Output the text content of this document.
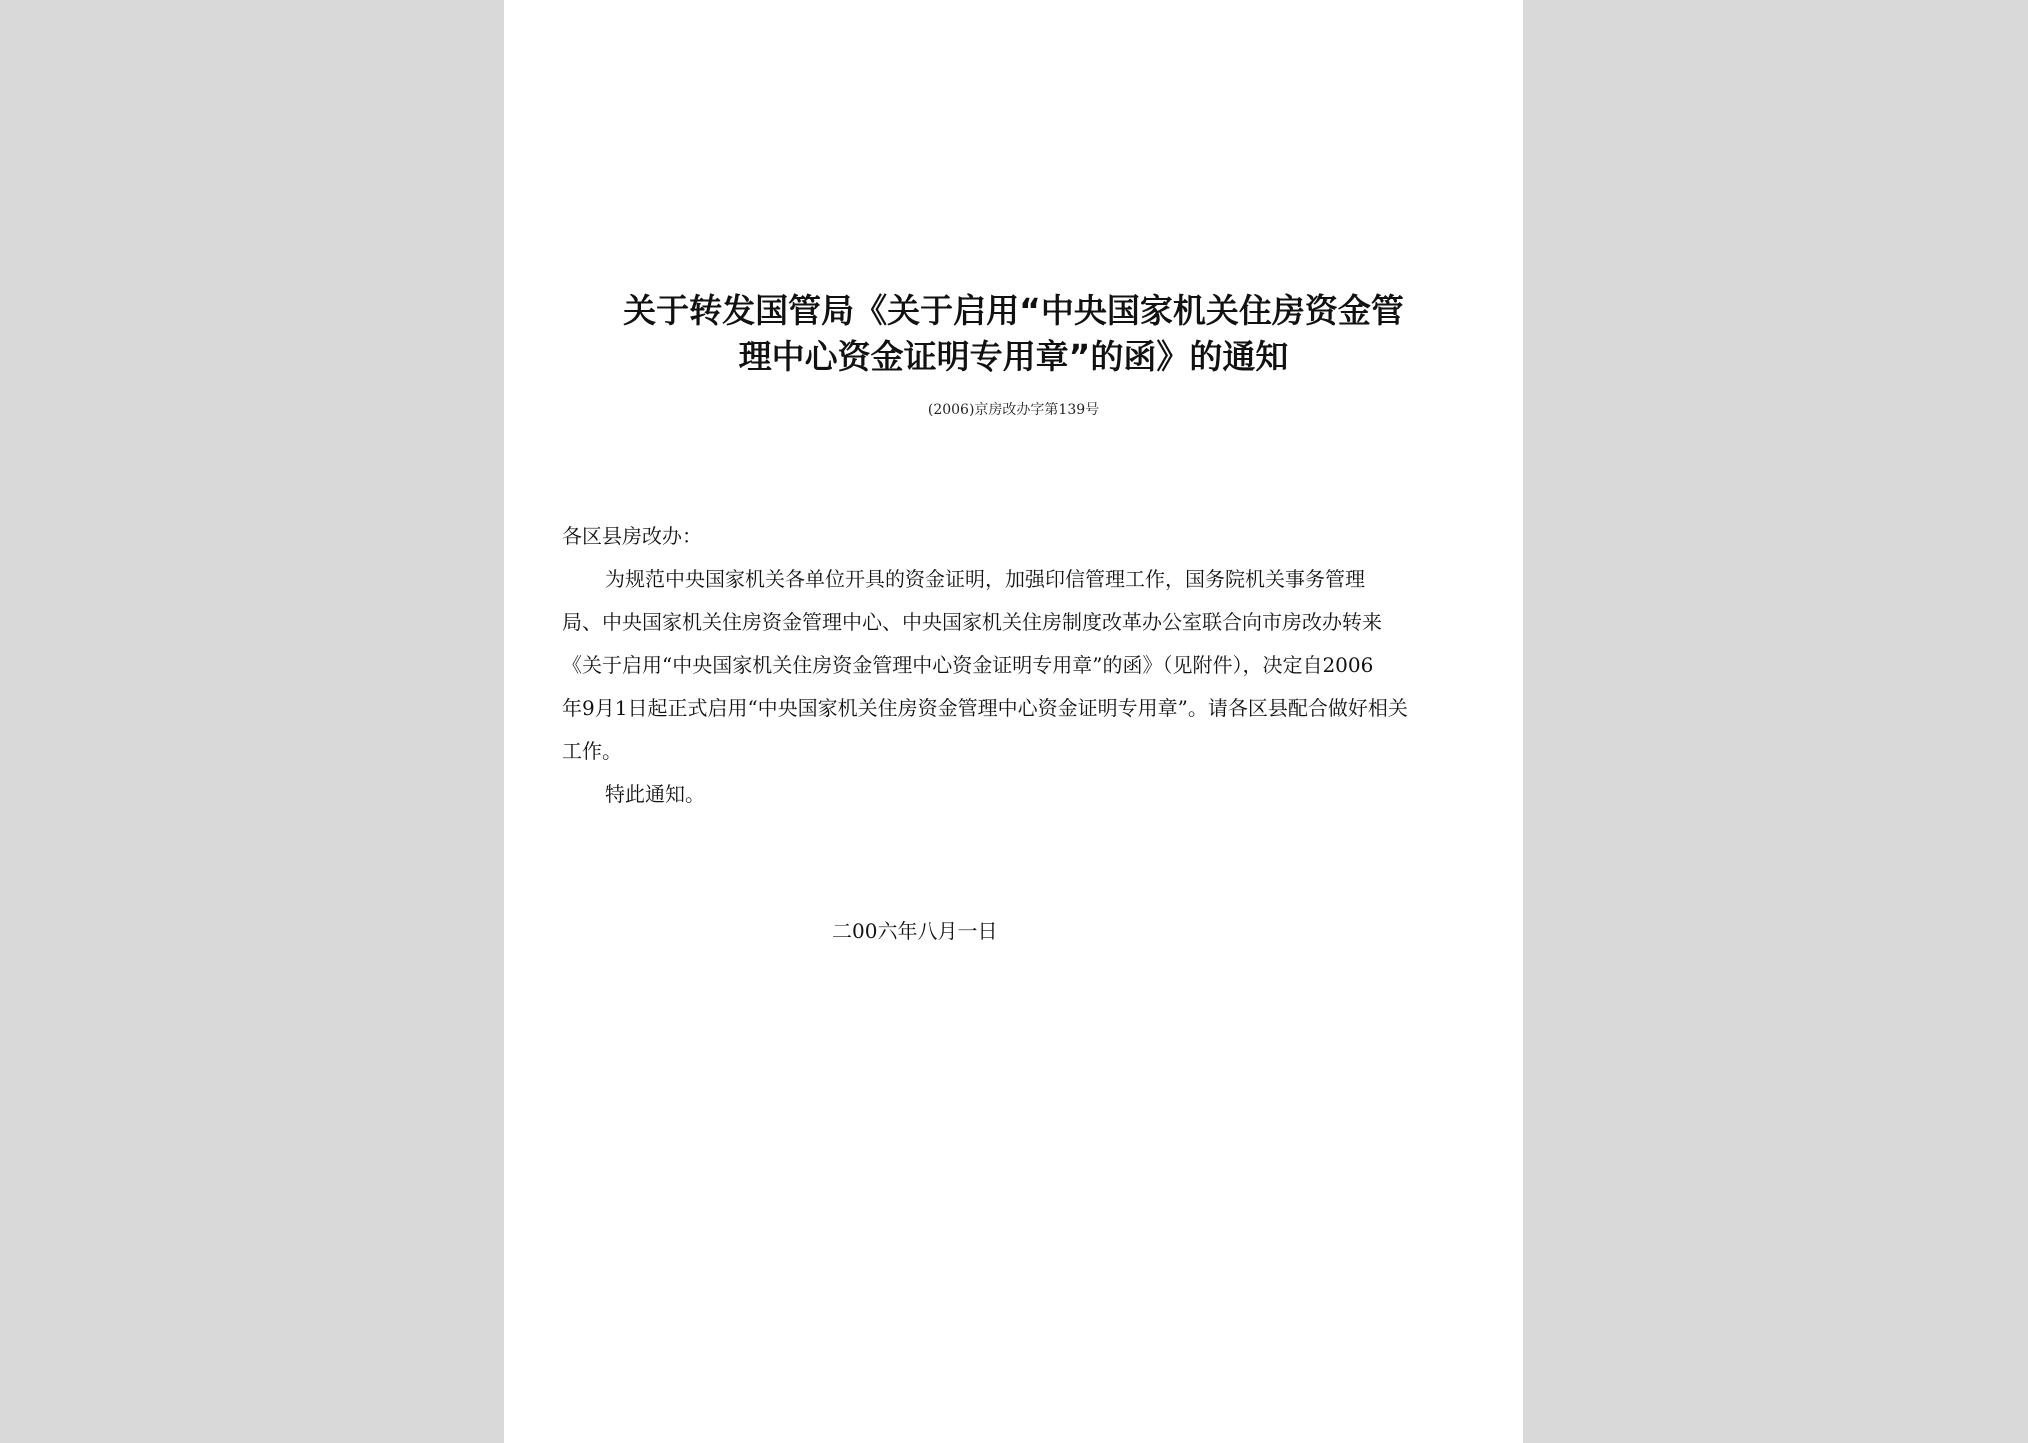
关于转发国管局《关于启用“中央国家机关住房资金管
理中心资金证明专用章”的函》的通知
(2006)京房改办字第139号
各区县房改办：
为规范中央国家机关各单位开具的资金证明，加强印信管理工作，国务院机关事务管理
局、中央国家机关住房资金管理中心、中央国家机关住房制度改革办公室联合向市房改办转来
《关于启用“中央国家机关住房资金管理中心资金证明专用章”的函》（见附件），决定自2006
年9月1日起正式启用“中央国家机关住房资金管理中心资金证明专用章”。请各区县配合做好相关
工作。
特此通知。
二00六年八月一日
